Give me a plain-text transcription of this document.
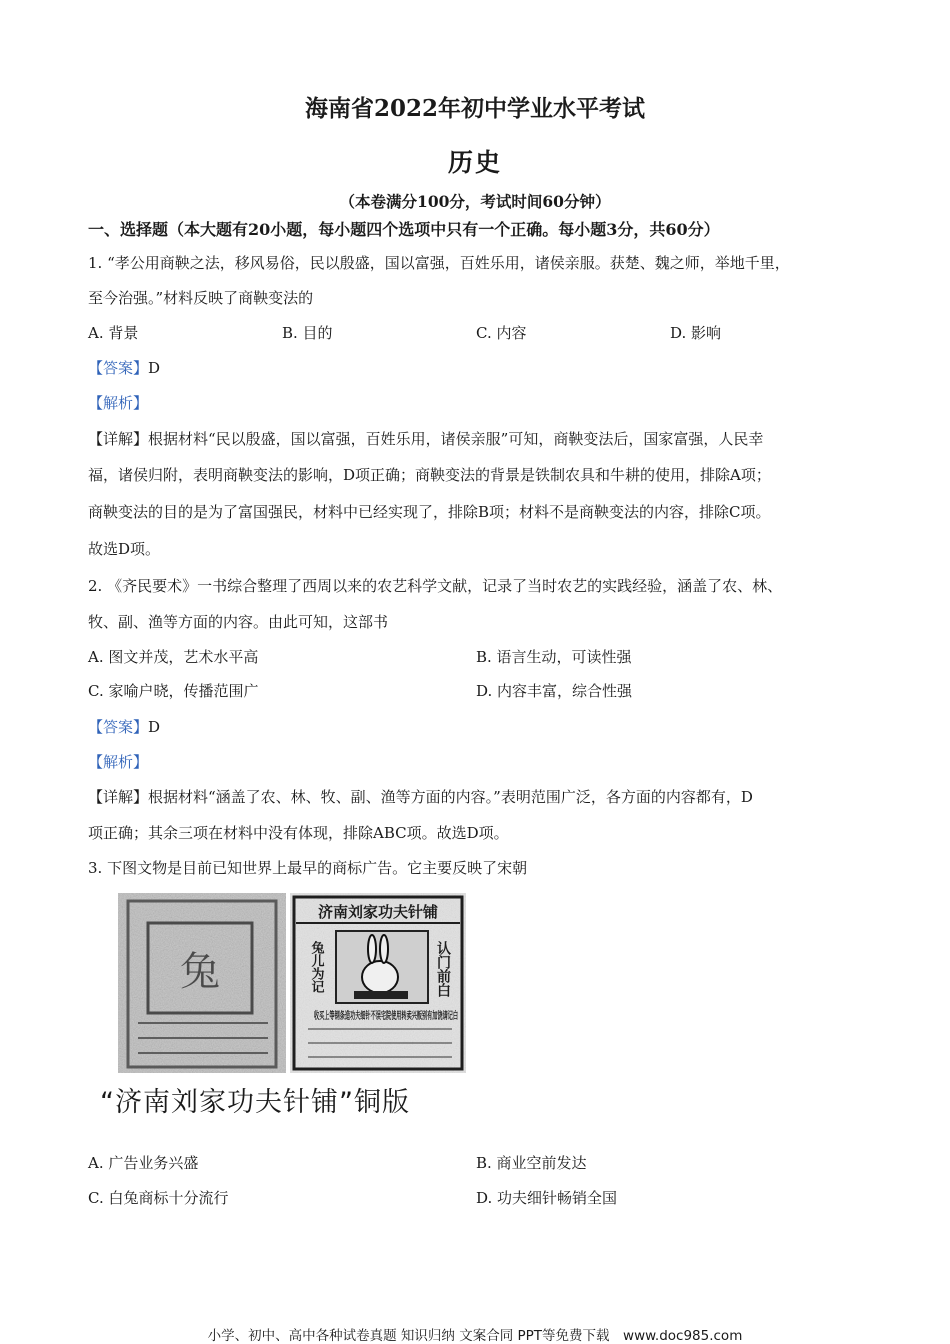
海南省2022年初中学业水平考试
历史
（本卷满分100分，考试时间60分钟）
一、选择题（本大题有20小题，每小题四个选项中只有一个正确。每小题3分，共60分）
1. “孝公用商鞅之法，移风易俗，民以殷盛，国以富强，百姓乐用，诸侯亲服。获楚、魏之师，举地千里，
至今治强。”材料反映了商鞅变法的
A. 背景	B. 目的	C. 内容	D. 影响
【答案】D
【解析】
【详解】根据材料“民以殷盛，国以富强，百姓乐用，诸侯亲服”可知，商鞅变法后，国家富强，人民幸
福，诸侯归附，表明商鞅变法的影响，D项正确；商鞅变法的背景是铁制农具和牛耕的使用，排除A项；
商鞅变法的目的是为了富国强民，材料中已经实现了，排除B项；材料不是商鞅变法的内容，排除C项。
故选D项。
2. 《齐民要术》一书综合整理了西周以来的农艺科学文献，记录了当时农艺的实践经验，涵盖了农、林、
牧、副、渔等方面的内容。由此可知，这部书
A. 图文并茂，艺术水平高	B. 语言生动，可读性强
C. 家喻户晓，传播范围广	D. 内容丰富，综合性强
【答案】D
【解析】
【详解】根据材料“涵盖了农、林、牧、副、渔等方面的内容。”表明范围广泛，各方面的内容都有，D
项正确；其余三项在材料中没有体现，排除ABC项。故选D项。
3. 下图文物是目前已知世界上最早的商标广告。它主要反映了宋朝
兔
济南刘家功夫针铺
兔儿为记	认门前白
收买上等钢条造功夫细针不误宅院使用转卖兴贩别有加饶请记白
“济南刘家功夫针铺”铜版
A. 广告业务兴盛	B. 商业空前发达
C. 白兔商标十分流行	D. 功夫细针畅销全国
小学、初中、高中各种试卷真题 知识归纳 文案合同 PPT等免费下载　www.doc985.com
